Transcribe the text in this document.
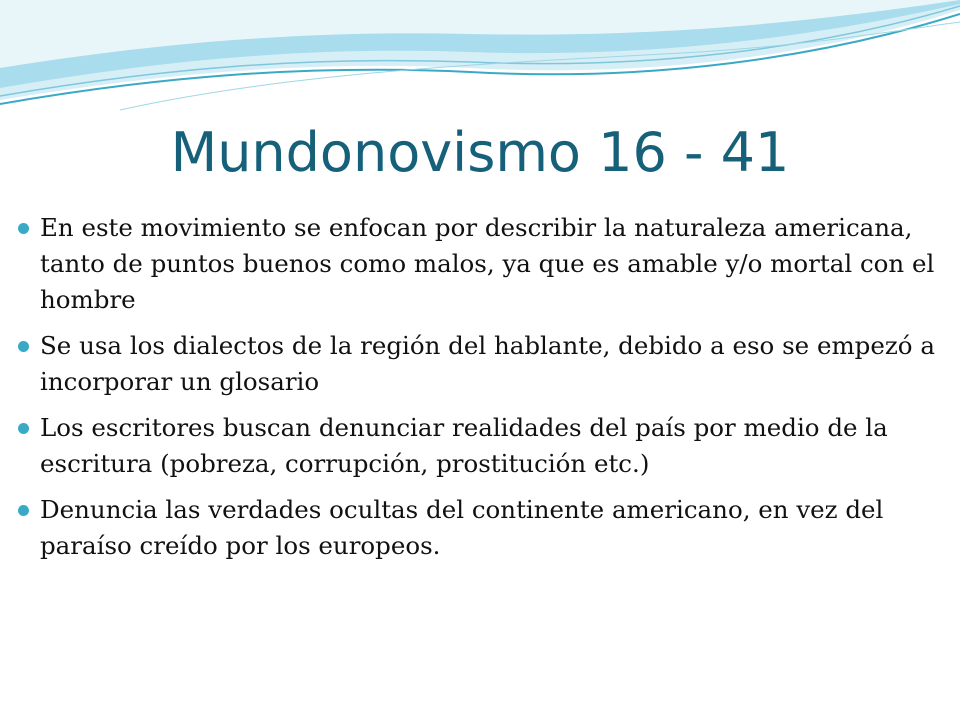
Mundonovismo 16 - 41
En este movimiento se enfocan por describir la naturaleza americana, tanto de puntos buenos como malos, ya que es amable y/o mortal con el hombre
Se usa los dialectos de la región del hablante, debido a eso se empezó a incorporar un glosario
Los escritores buscan denunciar realidades del país por medio de la escritura (pobreza, corrupción, prostitución etc.)
Denuncia las verdades ocultas del continente americano, en vez del paraíso creído por los europeos.
